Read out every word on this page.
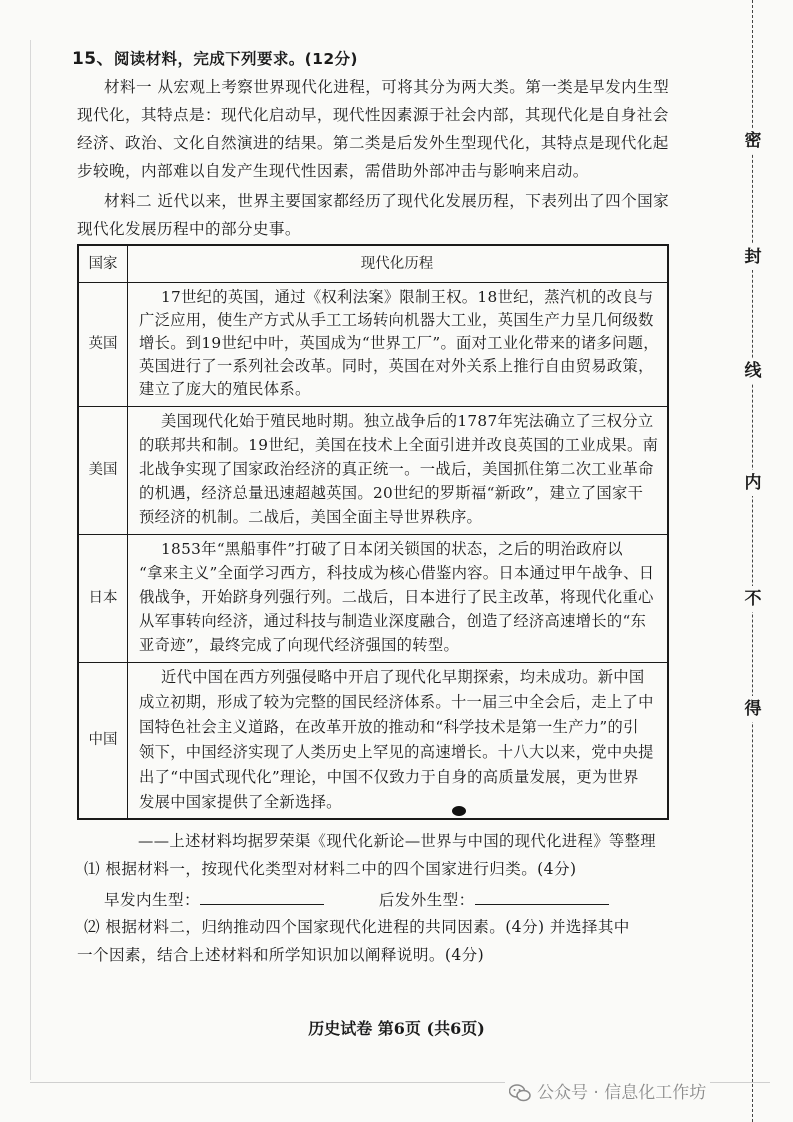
15、阅读材料，完成下列要求。(12分)
材料一 从宏观上考察世界现代化进程，可将其分为两大类。第一类是早发内生型
现代化，其特点是：现代化启动早，现代性因素源于社会内部，其现代化是自身社会
经济、政治、文化自然演进的结果。第二类是后发外生型现代化，其特点是现代化起
步较晚，内部难以自发产生现代性因素，需借助外部冲击与影响来启动。
材料二 近代以来，世界主要国家都经历了现代化发展历程，下表列出了四个国家
现代化发展历程中的部分史事。
国家	现代化历程
英国
17世纪的英国，通过《权利法案》限制王权。18世纪，蒸汽机的改良与
广泛应用，使生产方式从手工工场转向机器大工业，英国生产力呈几何级数
增长。到19世纪中叶，英国成为“世界工厂”。面对工业化带来的诸多问题，
英国进行了一系列社会改革。同时，英国在对外关系上推行自由贸易政策，
建立了庞大的殖民体系。
美国
美国现代化始于殖民地时期。独立战争后的1787年宪法确立了三权分立
的联邦共和制。19世纪，美国在技术上全面引进并改良英国的工业成果。南
北战争实现了国家政治经济的真正统一。一战后，美国抓住第二次工业革命
的机遇，经济总量迅速超越英国。20世纪的罗斯福“新政”，建立了国家干
预经济的机制。二战后，美国全面主导世界秩序。
日本
1853年“黑船事件”打破了日本闭关锁国的状态，之后的明治政府以
“拿来主义”全面学习西方，科技成为核心借鉴内容。日本通过甲午战争、日
俄战争，开始跻身列强行列。二战后，日本进行了民主改革，将现代化重心
从军事转向经济，通过科技与制造业深度融合，创造了经济高速增长的“东
亚奇迹”，最终完成了向现代经济强国的转型。
中国
近代中国在西方列强侵略中开启了现代化早期探索，均未成功。新中国
成立初期，形成了较为完整的国民经济体系。十一届三中全会后，走上了中
国特色社会主义道路，在改革开放的推动和“科学技术是第一生产力”的引
领下，中国经济实现了人类历史上罕见的高速增长。十八大以来，党中央提
出了“中国式现代化”理论，中国不仅致力于自身的高质量发展，更为世界
发展中国家提供了全新选择。
——上述材料均据罗荣渠《现代化新论—世界与中国的现代化进程》等整理
⑴ 根据材料一，按现代化类型对材料二中的四个国家进行归类。(4分)
早发内生型：	后发外生型：
⑵ 根据材料二，归纳推动四个国家现代化进程的共同因素。(4分) 并选择其中
一个因素，结合上述材料和所学知识加以阐释说明。(4分)
历史试卷 第6页 (共6页)
密
封
线
内
不
得
公众号 · 信息化工作坊
